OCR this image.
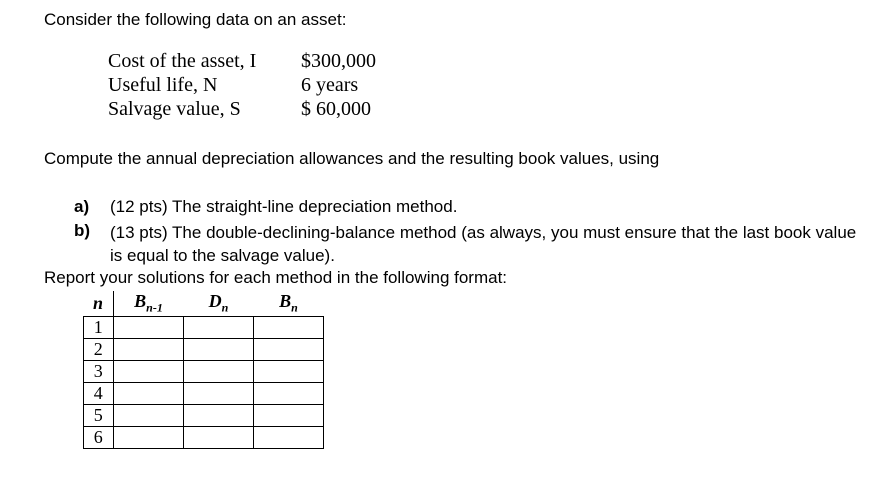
Consider the following data on an asset:
Cost of the asset, I $300,000
Useful life, N	6 years
Salvage value, S	$ 60,000
Compute the annual depreciation allowances and the resulting book values, using
a) (12 pts) The straight-line depreciation method.
b) (13 pts) The double-declining-balance method (as always, you must ensure that the last book value is equal to the salvage value).
Report your solutions for each method in the following format:
n	$B_{n-1}$	$D_n$	$B_n$
1			
2			
3			
4			
5			
6			
